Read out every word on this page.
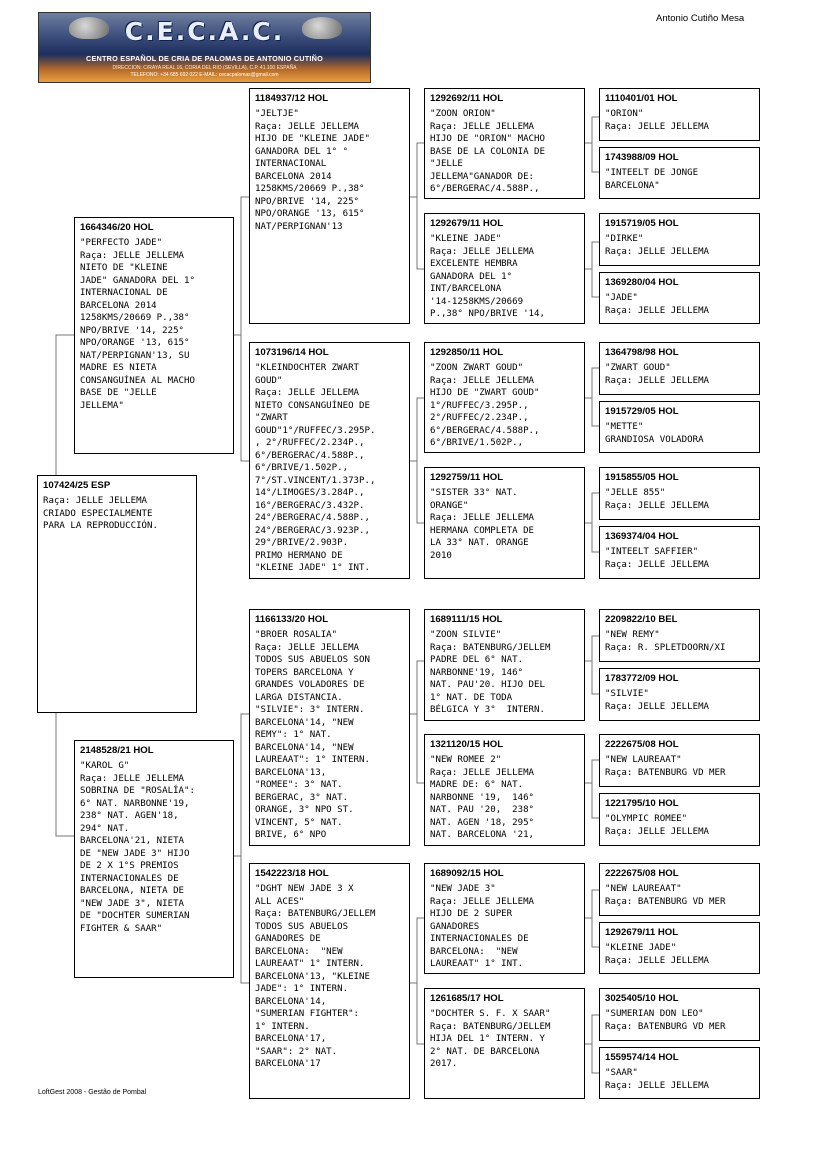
C.E.C.A.C.
CENTRO ESPAÑOL DE CRIA DE PALOMAS DE ANTONIO CUTIÑO
DIRECCION: C/RAYA REAL 16, CORIA DEL RIO (SEVILLA), C.P. 41.100 ESPAÑA
TELEFONO: +34 685 692 022 E-MAIL: cecacpalomas@gmail.com
Antonio Cutiño Mesa
107424/25 ESP
Raça: JELLE JELLEMA
CRIADO ESPECIALMENTE
PARA LA REPRODUCCIÓN.
1664346/20 HOL
"PERFECTO JADE"
Raça: JELLE JELLEMA
NIETO DE "KLEINE
JADE" GANADORA DEL 1°
INTERNACIONAL DE
BARCELONA 2014
1258KMS/20669 P.,38°
NPO/BRIVE '14, 225°
NPO/ORANGE '13, 615°
NAT/PERPIGNAN'13, SU
MADRE ES NIETA
CONSANGUÍNEA AL MACHO
BASE DE "JELLE
JELLEMA"
2148528/21 HOL
"KAROL G"
Raça: JELLE JELLEMA
SOBRINA DE "ROSALÍA":
6° NAT. NARBONNE'19,
238° NAT. AGEN'18,
294° NAT.
BARCELONA'21, NIETA
DE "NEW JADE 3" HIJO
DE 2 X 1°S PREMIOS
INTERNACIONALES DE
BARCELONA, NIETA DE
"NEW JADE 3", NIETA
DE "DOCHTER SUMERIAN
FIGHTER & SAAR"
1184937/12 HOL
"JELTJE"
Raça: JELLE JELLEMA
HIJO DE "KLEINE JADE"
GANADORA DEL 1° °
INTERNACIONAL
BARCELONA 2014
1258KMS/20669 P.,38°
NPO/BRIVE '14, 225°
NPO/ORANGE '13, 615°
NAT/PERPIGNAN'13
1073196/14 HOL
"KLEINDOCHTER ZWART
GOUD"
Raça: JELLE JELLEMA
NIETO CONSANGUÍNEO DE
"ZWART
GOUD"1°/RUFFEC/3.295P.
, 2°/RUFFEC/2.234P.,
6°/BERGERAC/4.588P.,
6°/BRIVE/1.502P.,
7°/ST.VINCENT/1.373P.,
14°/LIMOGES/3.284P.,
16°/BERGERAC/3.432P.
24°/BERGERAC/4.588P.,
24°/BERGERAC/3.923P.,
29°/BRIVE/2.903P.
PRIMO HERMANO DE
"KLEINE JADE" 1° INT.
1166133/20 HOL
"BROER ROSALIA"
Raça: JELLE JELLEMA
TODOS SUS ABUELOS SON
TOPERS BARCELONA Y
GRANDES VOLADORES DE
LARGA DISTANCIA.
"SILVIE": 3° INTERN.
BARCELONA'14, "NEW
REMY": 1° NAT.
BARCELONA'14, "NEW
LAUREAAT": 1° INTERN.
BARCELONA'13,
"ROMEE": 3° NAT.
BERGERAC, 3° NAT.
ORANGE, 3° NPO ST.
VINCENT, 5° NAT.
BRIVE, 6° NPO
1542223/18 HOL
"DGHT NEW JADE 3 X
ALL ACES"
Raça: BATENBURG/JELLEM
TODOS SUS ABUELOS
GANADORES DE
BARCELONA:  "NEW
LAUREAAT" 1° INTERN.
BARCELONA'13, "KLEINE
JADE": 1° INTERN.
BARCELONA'14,
"SUMERIAN FIGHTER":
1° INTERN.
BARCELONA'17,
"SAAR": 2° NAT.
BARCELONA'17
1292692/11 HOL
"ZOON ORION"
Raça: JELLE JELLEMA
HIJO DE "ORION" MACHO
BASE DE LA COLONIA DE
"JELLE
JELLEMA"GANADOR DE:
6°/BERGERAC/4.588P.,
1292679/11 HOL
"KLEINE JADE"
Raça: JELLE JELLEMA
EXCELENTE HEMBRA
GANADORA DEL 1°
INT/BARCELONA
'14-1258KMS/20669
P.,38° NPO/BRIVE '14,
1292850/11 HOL
"ZOON ZWART GOUD"
Raça: JELLE JELLEMA
HIJO DE "ZWART GOUD"
1°/RUFFEC/3.295P.,
2°/RUFFEC/2.234P.,
6°/BERGERAC/4.588P.,
6°/BRIVE/1.502P.,
1292759/11 HOL
"SISTER 33° NAT.
ORANGE"
Raça: JELLE JELLEMA
HERMANA COMPLETA DE
LA 33° NAT. ORANGE
2010
1689111/15 HOL
"ZOON SILVIE"
Raça: BATENBURG/JELLEM
PADRE DEL 6° NAT.
NARBONNE'19, 146°
NAT. PAU'20. HIJO DEL
1° NAT. DE TODA
BÉLGICA Y 3°  INTERN.
1321120/15 HOL
"NEW ROMEE 2"
Raça: JELLE JELLEMA
MADRE DE: 6° NAT.
NARBONNE '19,  146°
NAT. PAU '20,  238°
NAT. AGEN '18, 295°
NAT. BARCELONA '21,
1689092/15 HOL
"NEW JADE 3"
Raça: JELLE JELLEMA
HIJO DE 2 SUPER
GANADORES
INTERNACIONALES DE
BARCELONA:  "NEW
LAUREAAT" 1° INT.
1261685/17 HOL
"DOCHTER S. F. X SAAR"
Raça: BATENBURG/JELLEM
HIJA DEL 1° INTERN. Y
2° NAT. DE BARCELONA
2017.
1110401/01 HOL
"ORION"
Raça: JELLE JELLEMA
1743988/09 HOL
"INTEELT DE JONGE
BARCELONA"
1915719/05 HOL
"DIRKE"
Raça: JELLE JELLEMA
1369280/04 HOL
"JADE"
Raça: JELLE JELLEMA
1364798/98 HOL
"ZWART GOUD"
Raça: JELLE JELLEMA
1915729/05 HOL
"METTE"
GRANDIOSA VOLADORA
1915855/05 HOL
"JELLE 855"
Raça: JELLE JELLEMA
1369374/04 HOL
"INTEELT SAFFIER"
Raça: JELLE JELLEMA
2209822/10 BEL
"NEW REMY"
Raça: R. SPLETDOORN/XI
1783772/09 HOL
"SILVIE"
Raça: JELLE JELLEMA
2222675/08 HOL
"NEW LAUREAAT"
Raça: BATENBURG VD MER
1221795/10 HOL
"OLYMPIC ROMEE"
Raça: JELLE JELLEMA
2222675/08 HOL
"NEW LAUREAAT"
Raça: BATENBURG VD MER
1292679/11 HOL
"KLEINE JADE"
Raça: JELLE JELLEMA
3025405/10 HOL
"SUMERIAN DON LEO"
Raça: BATENBURG VD MER
1559574/14 HOL
"SAAR"
Raça: JELLE JELLEMA
LoftGest 2008 - Gestão de Pombal
